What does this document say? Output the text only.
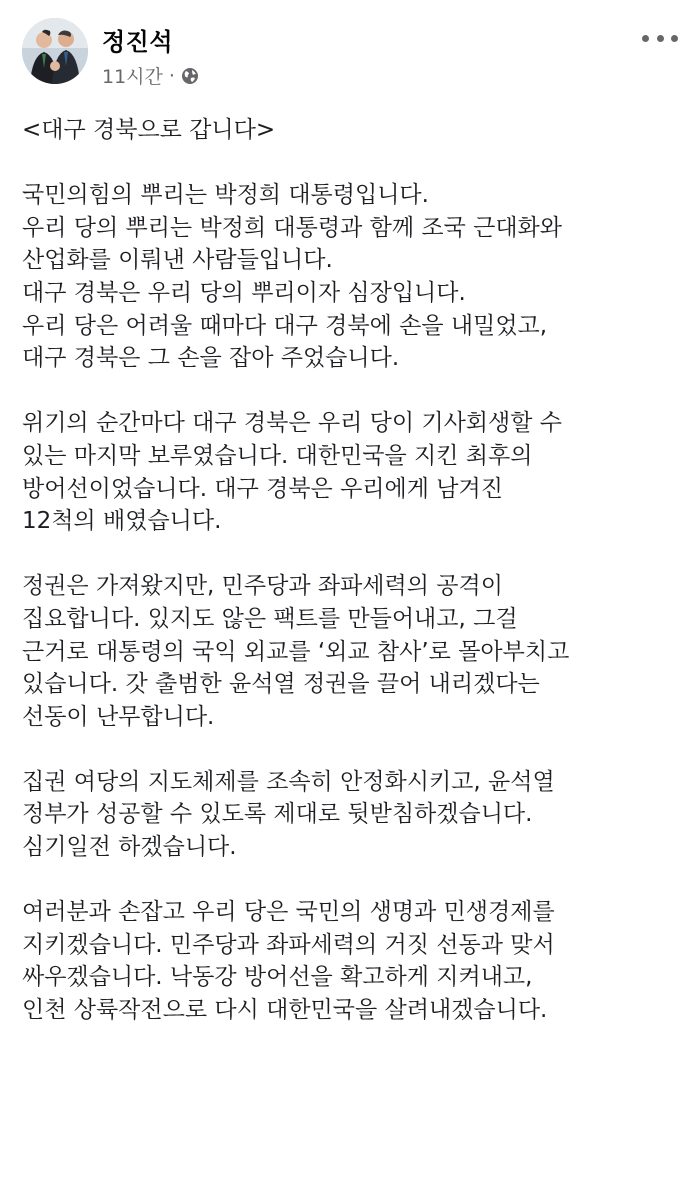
정진석
11시간 ·
<대구 경북으로 갑니다>
국민의힘의 뿌리는 박정희 대통령입니다.
우리 당의 뿌리는 박정희 대통령과 함께 조국 근대화와
산업화를 이뤄낸 사람들입니다.
대구 경북은 우리 당의 뿌리이자 심장입니다.
우리 당은 어려울 때마다 대구 경북에 손을 내밀었고,
대구 경북은 그 손을 잡아 주었습니다.
위기의 순간마다 대구 경북은 우리 당이 기사회생할 수
있는 마지막 보루였습니다. 대한민국을 지킨 최후의
방어선이었습니다. 대구 경북은 우리에게 남겨진
12척의 배였습니다.
정권은 가져왔지만, 민주당과 좌파세력의 공격이
집요합니다. 있지도 않은 팩트를 만들어내고, 그걸
근거로 대통령의 국익 외교를 ‘외교 참사’로 몰아부치고
있습니다. 갓 출범한 윤석열 정권을 끌어 내리겠다는
선동이 난무합니다.
집권 여당의 지도체제를 조속히 안정화시키고, 윤석열
정부가 성공할 수 있도록 제대로 뒷받침하겠습니다.
심기일전 하겠습니다.
여러분과 손잡고 우리 당은 국민의 생명과 민생경제를
지키겠습니다. 민주당과 좌파세력의 거짓 선동과 맞서
싸우겠습니다. 낙동강 방어선을 확고하게 지켜내고,
인천 상륙작전으로 다시 대한민국을 살려내겠습니다.
